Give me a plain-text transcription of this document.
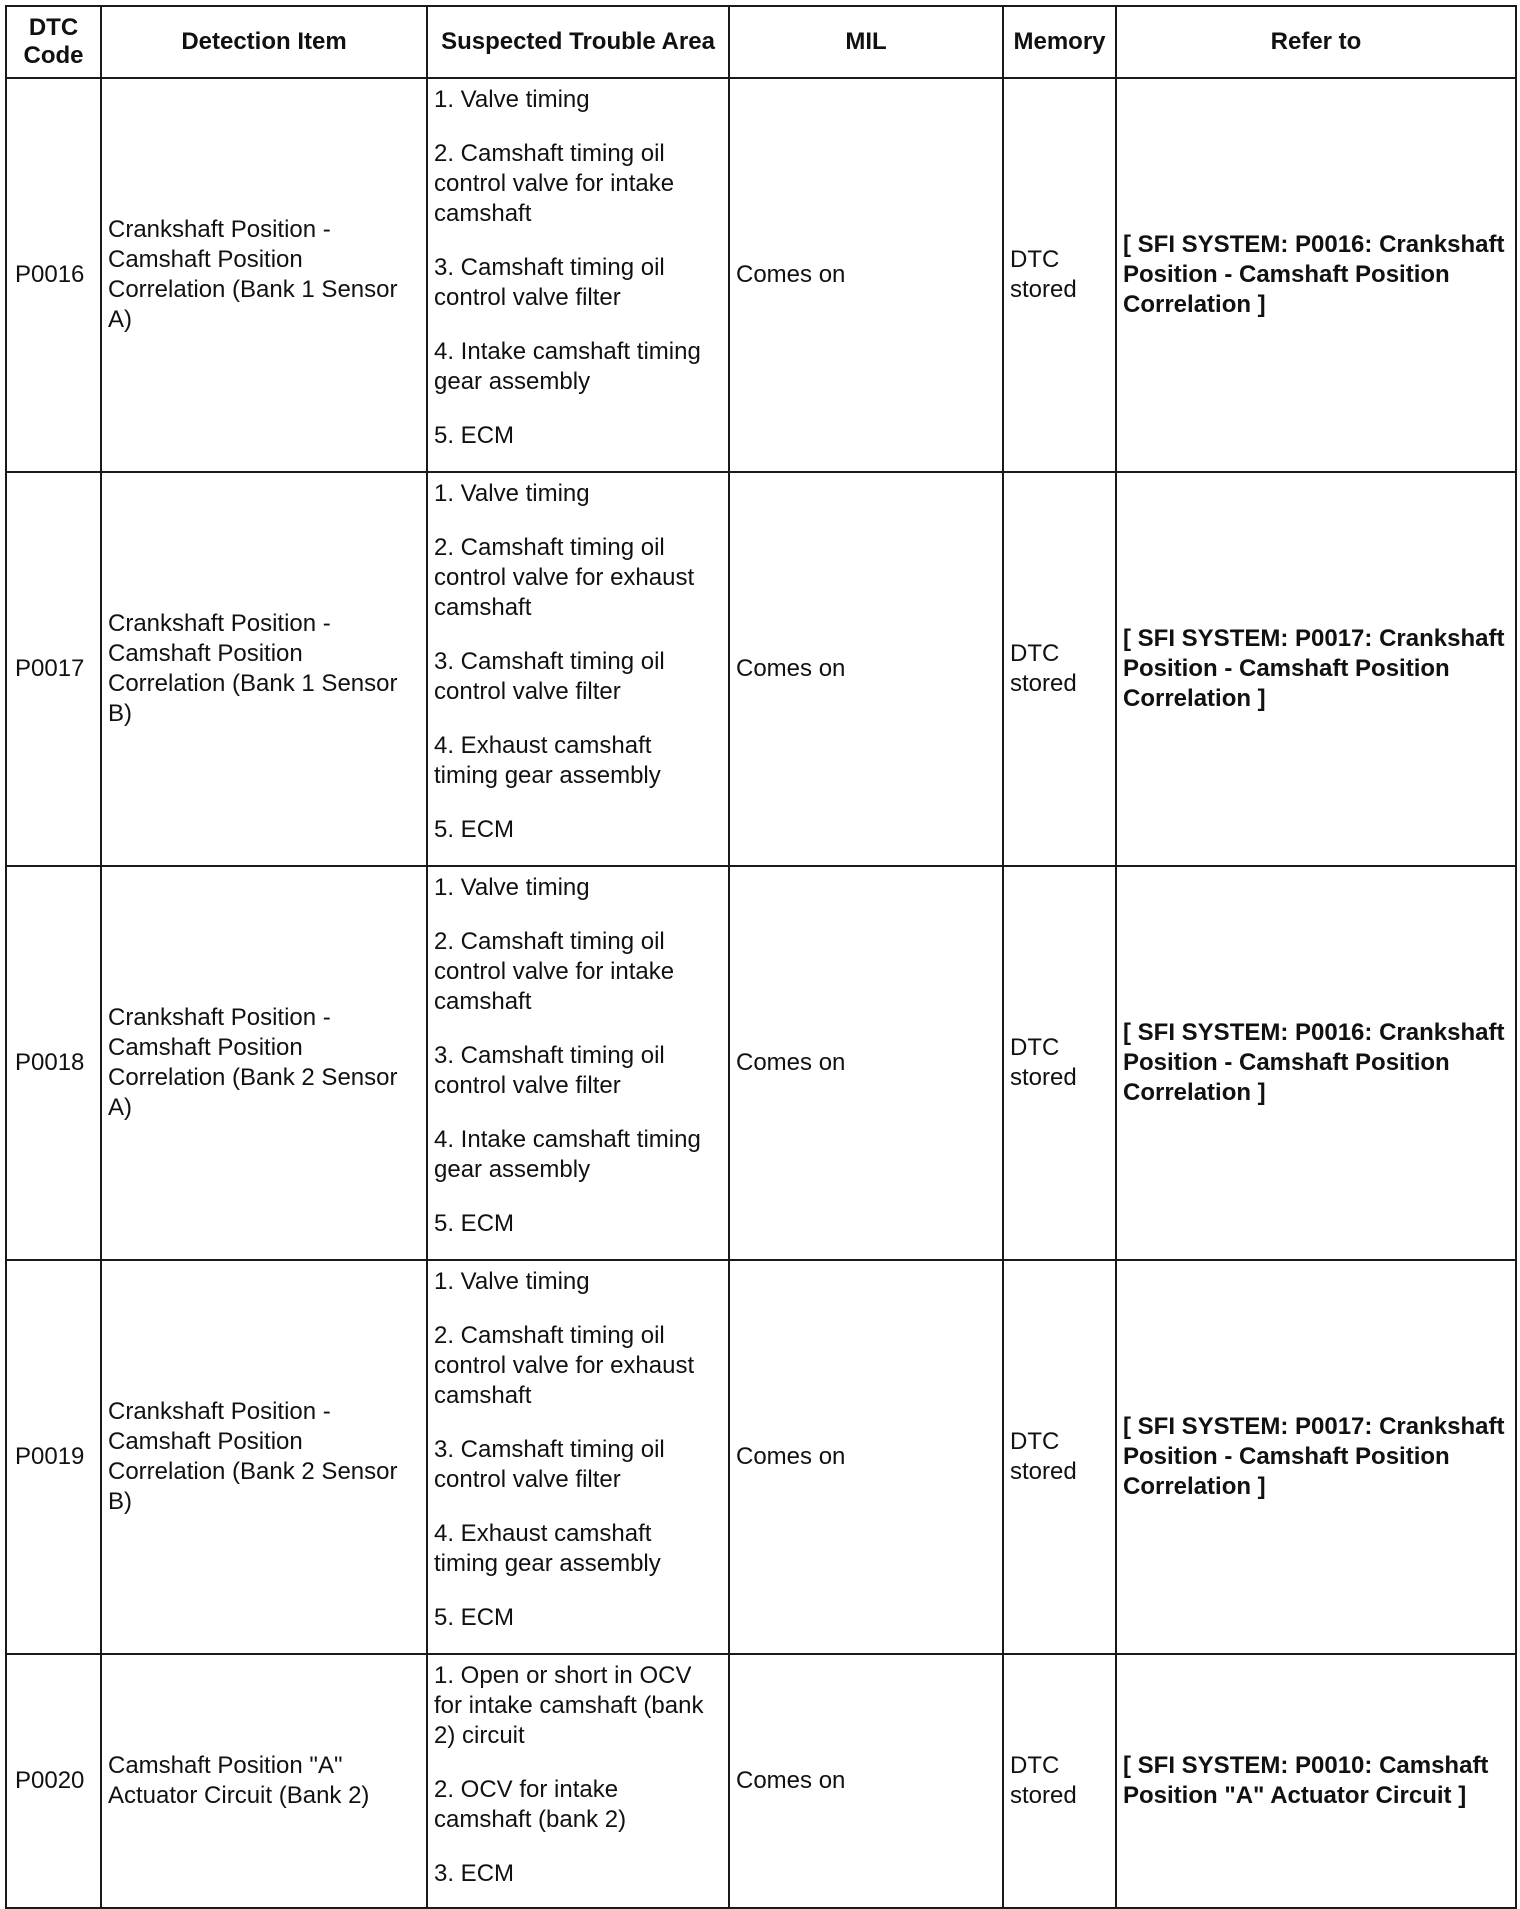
DTC
Code	Detection Item	Suspected Trouble Area	MIL	Memory	Refer to
P0016	Crankshaft Position - Camshaft Position Correlation (Bank 1 Sensor A)	1. Valve timing
2. Camshaft timing oil control valve for intake camshaft
3. Camshaft timing oil control valve filter
4. Intake camshaft timing gear assembly
5. ECM	Comes on	DTC stored	[ SFI SYSTEM: P0016: Crankshaft Position - Camshaft Position Correlation ]
P0017	Crankshaft Position - Camshaft Position Correlation (Bank 1 Sensor B)	1. Valve timing
2. Camshaft timing oil control valve for exhaust camshaft
3. Camshaft timing oil control valve filter
4. Exhaust camshaft timing gear assembly
5. ECM	Comes on	DTC stored	[ SFI SYSTEM: P0017: Crankshaft Position - Camshaft Position Correlation ]
P0018	Crankshaft Position - Camshaft Position Correlation (Bank 2 Sensor A)	1. Valve timing
2. Camshaft timing oil control valve for intake camshaft
3. Camshaft timing oil control valve filter
4. Intake camshaft timing gear assembly
5. ECM	Comes on	DTC stored	[ SFI SYSTEM: P0016: Crankshaft Position - Camshaft Position Correlation ]
P0019	Crankshaft Position - Camshaft Position Correlation (Bank 2 Sensor B)	1. Valve timing
2. Camshaft timing oil control valve for exhaust camshaft
3. Camshaft timing oil control valve filter
4. Exhaust camshaft timing gear assembly
5. ECM	Comes on	DTC stored	[ SFI SYSTEM: P0017: Crankshaft Position - Camshaft Position Correlation ]
P0020	Camshaft Position "A" Actuator Circuit (Bank 2)	1. Open or short in OCV for intake camshaft (bank 2) circuit
2. OCV for intake camshaft (bank 2)
3. ECM	Comes on	DTC stored	[ SFI SYSTEM: P0010: Camshaft Position "A" Actuator Circuit ]
